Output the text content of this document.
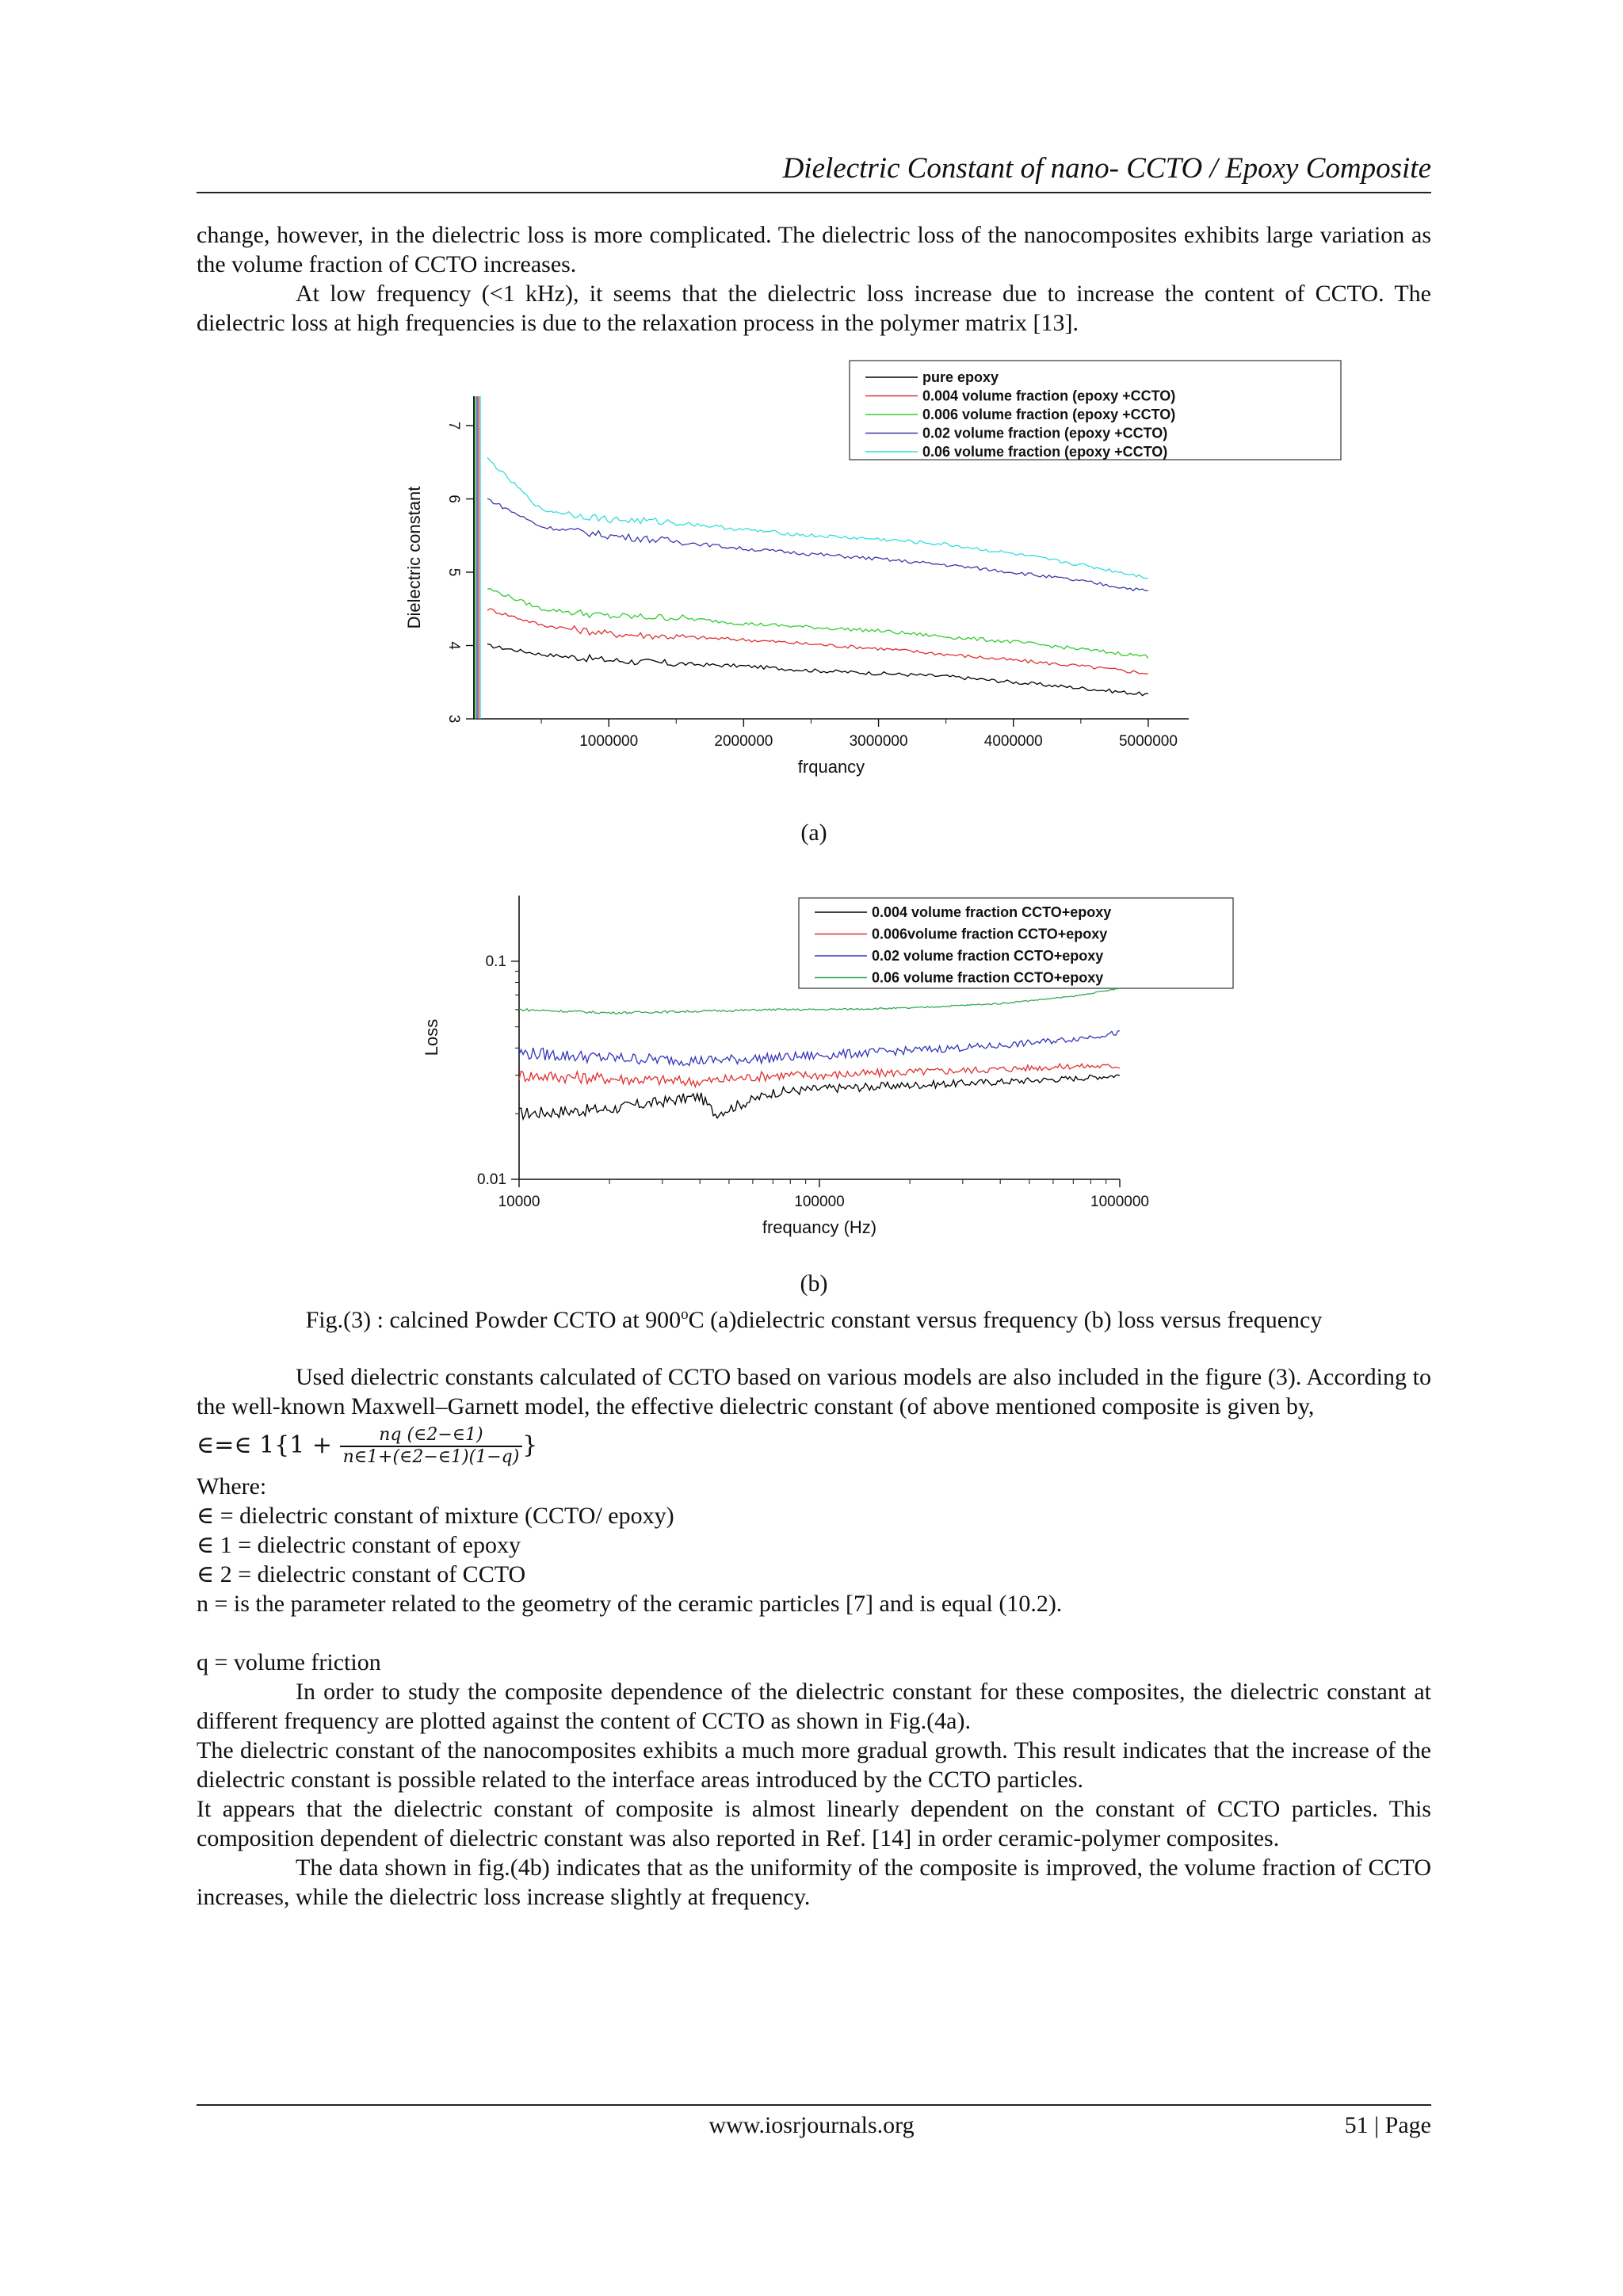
Dielectric Constant of nano- CCTO / Epoxy Composite

change, however, in the dielectric loss is more complicated. The dielectric loss of the nanocomposites exhibits large variation as the volume fraction of CCTO increases.

At low frequency (<1 kHz), it seems that the dielectric loss increase due to increase the content of CCTO. The dielectric loss at high frequencies is due to the relaxation process in the polymer matrix [13].

pure epoxy
0.004 volume fraction (epoxy +CCTO)
0.006 volume fraction (epoxy +CCTO)
0.02 volume fraction (epoxy +CCTO)
0.06 volume fraction (epoxy +CCTO)
3
4
5
6
7
1000000	2000000	3000000	4000000	5000000
frquancy
Dielectric constant
(a)
0.004 volume fraction CCTO+epoxy
0.006volume fraction CCTO+epoxy
0.02 volume fraction CCTO+epoxy
0.06 volume fraction CCTO+epoxy
0.01
0.1
10000	100000	1000000
frequancy (Hz)
Loss
(b)
Fig.(3) : calcined Powder CCTO at 900$^o$C (a)dielectric constant versus frequency (b) loss versus frequency

Used dielectric constants calculated of CCTO based on various models are also included in the figure (3). According to the well-known Maxwell–Garnett model, the effective dielectric constant (of above mentioned composite is given by,

∈=∈ $1\{1 + \frac{nq (\in 2-\in 1)}{n\in 1+(\in 2-\in 1)(1-q)}$ }

Where:

∈ = dielectric constant of mixture (CCTO/ epoxy)
∈ 1 = dielectric constant of epoxy
∈ 2 = dielectric constant of CCTO
n = is the parameter related to the geometry of the ceramic particles [7] and is equal (10.2).

q = volume friction

In order to study the composite dependence of the dielectric constant for these composites, the dielectric constant at different frequency are plotted against the content of CCTO as shown in Fig.(4a).

The dielectric constant of the nanocomposites exhibits a much more gradual growth. This result indicates that the increase of the dielectric constant is possible related to the interface areas introduced by the CCTO particles.

It appears that the dielectric constant of composite is almost linearly dependent on the constant of CCTO particles. This composition dependent of dielectric constant was also reported in Ref. [14] in order ceramic-polymer composites.

The data shown in fig.(4b) indicates that as the uniformity of the composite is improved, the volume fraction of CCTO increases, while the dielectric loss increase slightly at frequency.

www.iosrjournals.org	51 | Page
